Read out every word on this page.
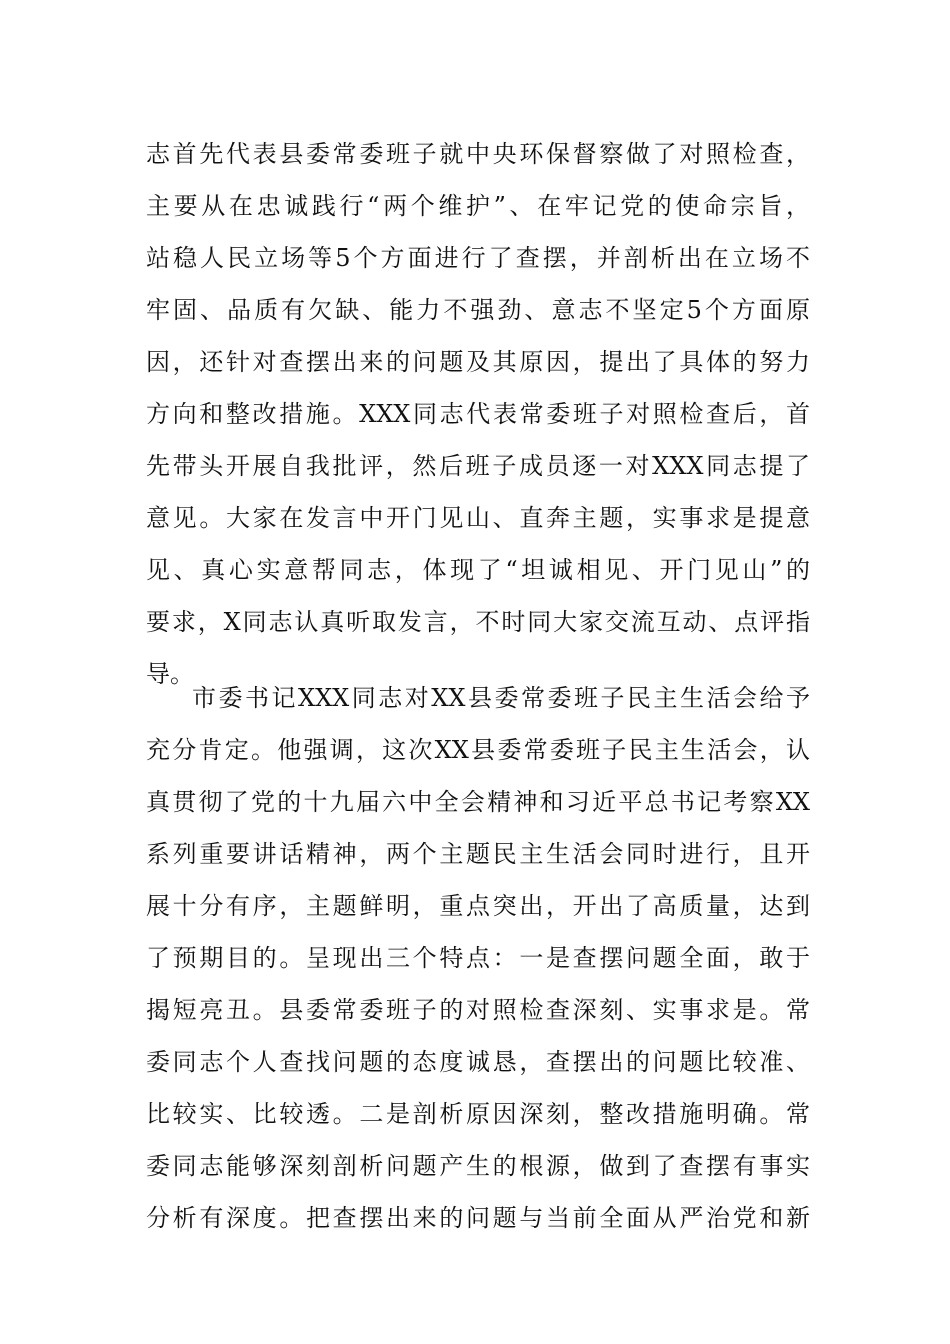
志首先代表县委常委班子就中央环保督察做了对照检查，
主要从在忠诚践行“两个维护”、在牢记党的使命宗旨，
站稳人民立场等5个方面进行了查摆，并剖析出在立场不
牢固、品质有欠缺、能力不强劲、意志不坚定5个方面原
因，还针对查摆出来的问题及其原因，提出了具体的努力
方向和整改措施。XXX同志代表常委班子对照检查后，首
先带头开展自我批评，然后班子成员逐一对XXX同志提了
意见。大家在发言中开门见山、直奔主题，实事求是提意
见、真心实意帮同志，体现了“坦诚相见、开门见山”的
要求，X同志认真听取发言，不时同大家交流互动、点评指
导。
市委书记XXX同志对XX县委常委班子民主生活会给予
充分肯定。他强调，这次XX县委常委班子民主生活会，认
真贯彻了党的十九届六中全会精神和习近平总书记考察XX
系列重要讲话精神，两个主题民主生活会同时进行，且开
展十分有序，主题鲜明，重点突出，开出了高质量，达到
了预期目的。呈现出三个特点：一是查摆问题全面，敢于
揭短亮丑。县委常委班子的对照检查深刻、实事求是。常
委同志个人查找问题的态度诚恳，查摆出的问题比较准、
比较实、比较透。二是剖析原因深刻，整改措施明确。常
委同志能够深刻剖析问题产生的根源，做到了查摆有事实
分析有深度。把查摆出来的问题与当前全面从严治党和新
